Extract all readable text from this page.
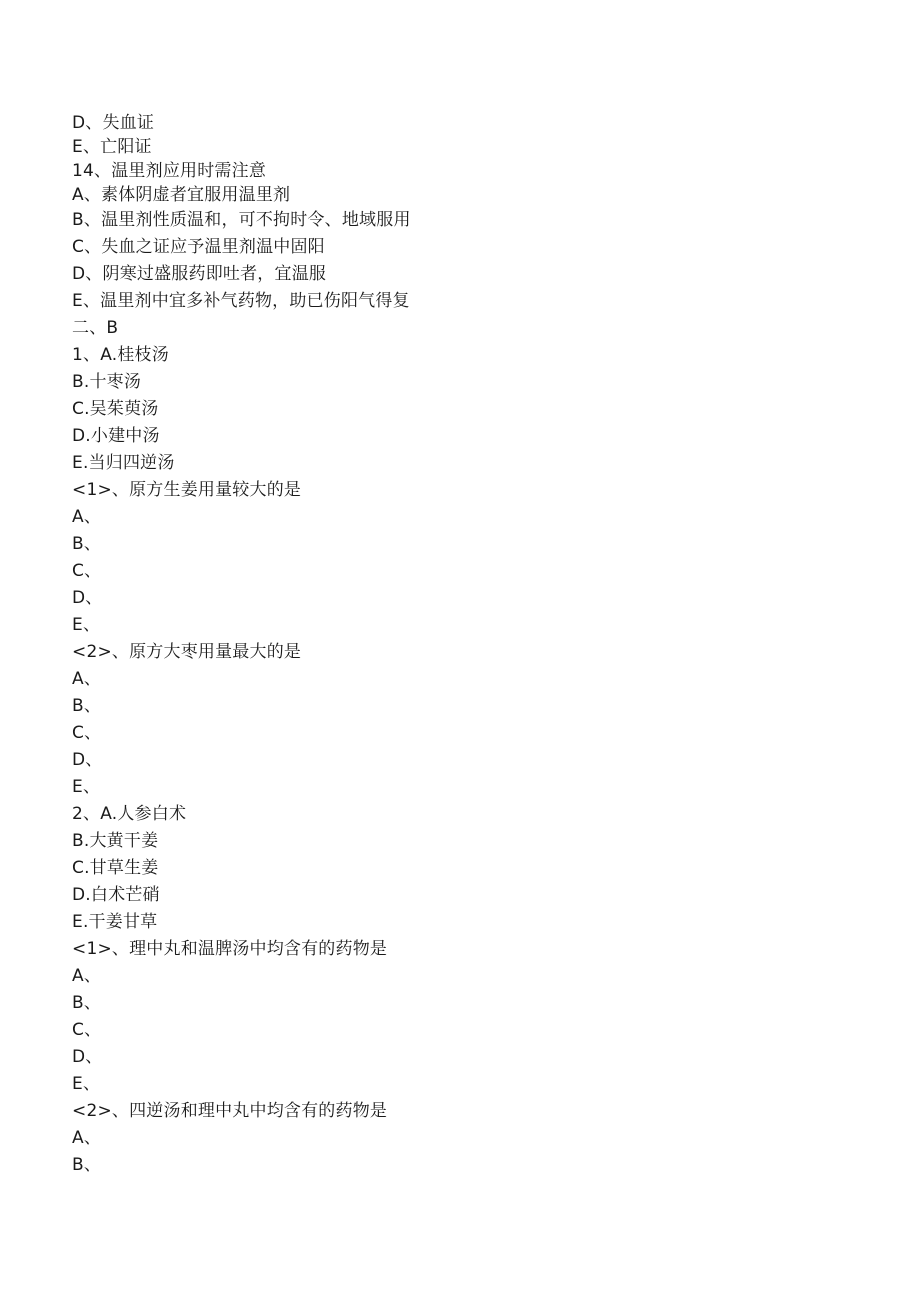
D、失血证
E、亡阳证
14、温里剂应用时需注意
A、素体阴虚者宜服用温里剂
B、温里剂性质温和，可不拘时令、地域服用
C、失血之证应予温里剂温中固阳
D、阴寒过盛服药即吐者，宜温服
E、温里剂中宜多补气药物，助已伤阳气得复
二、B
1、A.桂枝汤
B.十枣汤
C.吴茱萸汤
D.小建中汤
E.当归四逆汤
<1>、原方生姜用量较大的是
A、
B、
C、
D、
E、
<2>、原方大枣用量最大的是
A、
B、
C、
D、
E、
2、A.人参白术
B.大黄干姜
C.甘草生姜
D.白术芒硝
E.干姜甘草
<1>、理中丸和温脾汤中均含有的药物是
A、
B、
C、
D、
E、
<2>、四逆汤和理中丸中均含有的药物是
A、
B、
